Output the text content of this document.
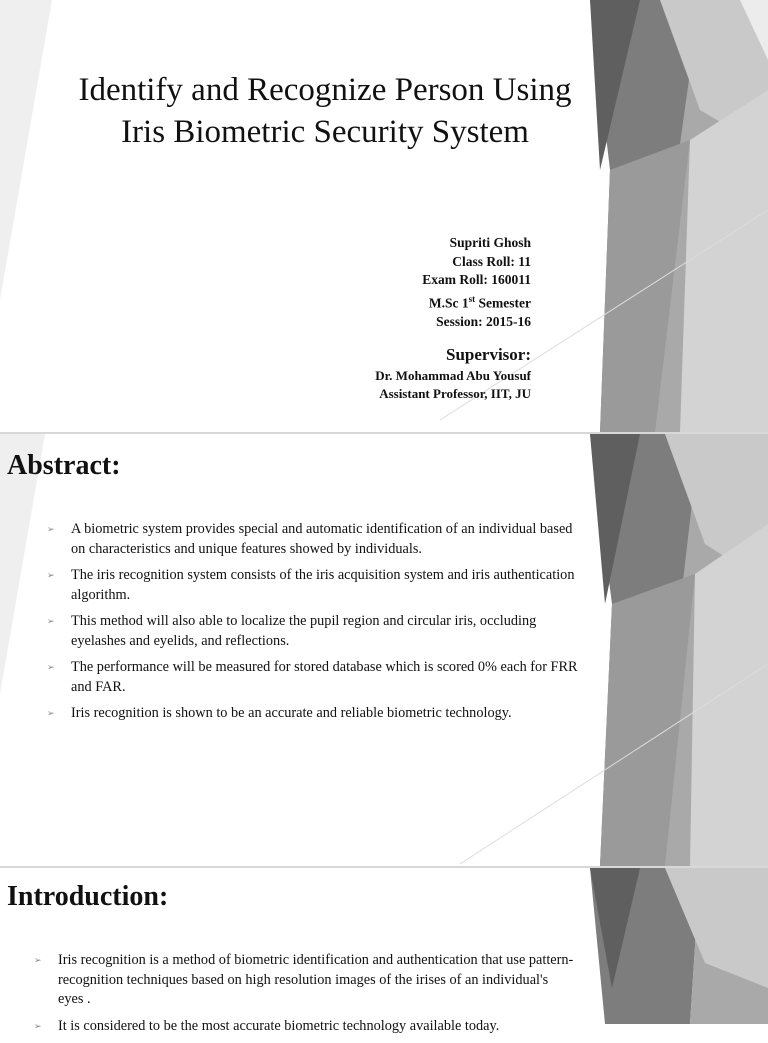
Identify and Recognize Person Using
Iris Biometric Security System
Supriti Ghosh
Class Roll: 11
Exam Roll: 160011
M.Sc 1st Semester
Session: 2015-16
Supervisor:
Dr. Mohammad Abu Yousuf
Assistant Professor, IIT, JU
Abstract:
➢ A biometric system provides special and automatic identification of an individual based on characteristics and unique features showed by individuals.
➢ The iris recognition system consists of the iris acquisition system and iris authentication algorithm.
➢ This method will also able to localize the pupil region and circular iris, occluding eyelashes and eyelids, and reflections.
➢ The performance will be measured for stored database which is scored 0% each for FRR and FAR.
➢ Iris recognition is shown to be an accurate and reliable biometric technology.
Introduction:
➢ Iris recognition is a method of biometric identification and authentication that use pattern-recognition techniques based on high resolution images of the irises of an individual's eyes .
➢ It is considered to be the most accurate biometric technology available today.
